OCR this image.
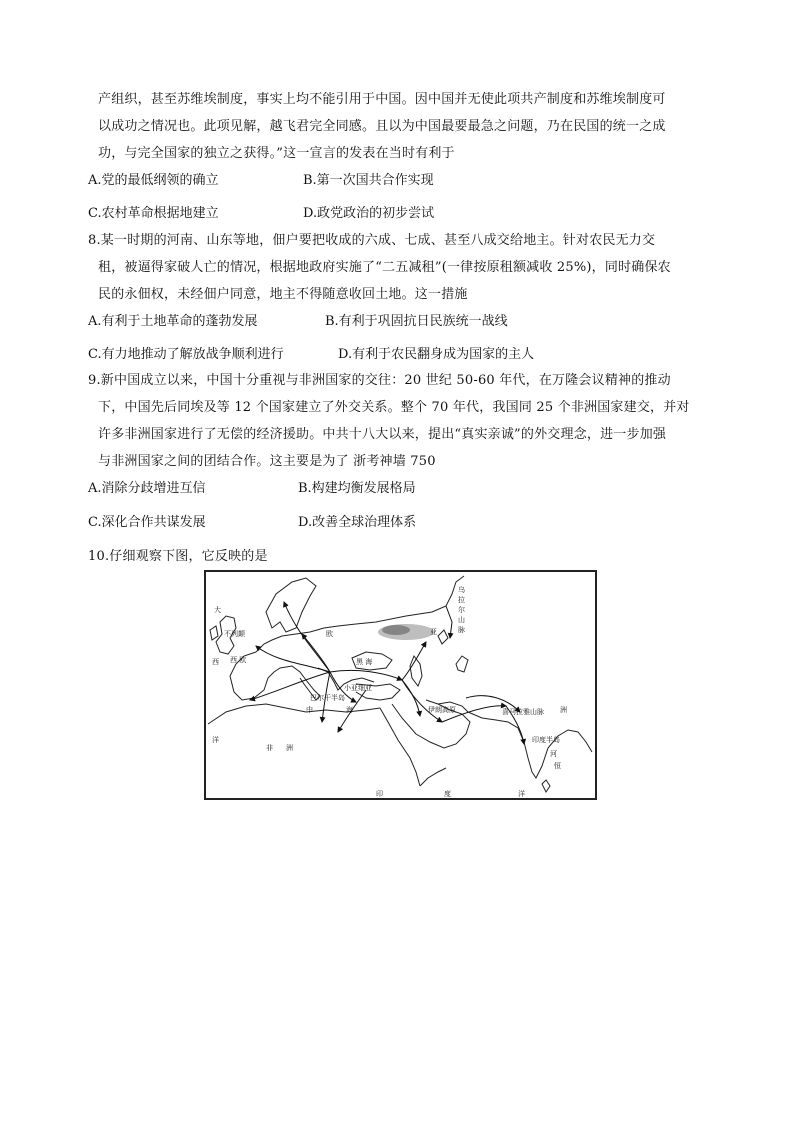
产组织，甚至苏维埃制度，事实上均不能引用于中国。因中国并无使此项共产制度和苏维埃制度可
以成功之情况也。此项见解，越飞君完全同感。且以为中国最要最急之问题，乃在民国的统一之成
功，与完全国家的独立之获得。”这一宣言的发表在当时有利于
A.党的最低纲领的确立	B.第一次国共合作实现
C.农村革命根据地建立	D.政党政治的初步尝试
8.某一时期的河南、山东等地，佃户要把收成的六成、七成、甚至八成交给地主。针对农民无力交
租，被逼得家破人亡的情况，根据地政府实施了“二五减租”(一律按原租额减收 25%)，同时确保农
民的永佃权，未经佃户同意，地主不得随意收回土地。这一措施
A.有利于土地革命的蓬勃发展	B.有利于巩固抗日民族统一战线
C.有力地推动了解放战争顺利进行	D.有利于农民翻身成为国家的主人
9.新中国成立以来，中国十分重视与非洲国家的交往：20 世纪 50-60 年代，在万隆会议精神的推动
下，中国先后同埃及等 12 个国家建立了外交关系。整个 70 年代，我国同 25 个非洲国家建交，并对
许多非洲国家进行了无偿的经济援助。中共十八大以来，提出“真实亲诚”的外交理念，进一步加强
与非洲国家之间的团结合作。这主要是为了 浙考神墙 750
A.消除分歧增进互信	B.构建均衡发展格局
C.深化合作共谋发展	D.改善全球治理体系
10.仔细观察下图，它反映的是
大
西
洋
西 欧
欧
不列颠
黑 海
巴尔干半岛
小亚细亚
中	海
非 洲
伊朗高原
印度半岛
喜马拉雅山脉 洲
印	度	洋
乌
拉
尔
山
脉
亚
恒
河
